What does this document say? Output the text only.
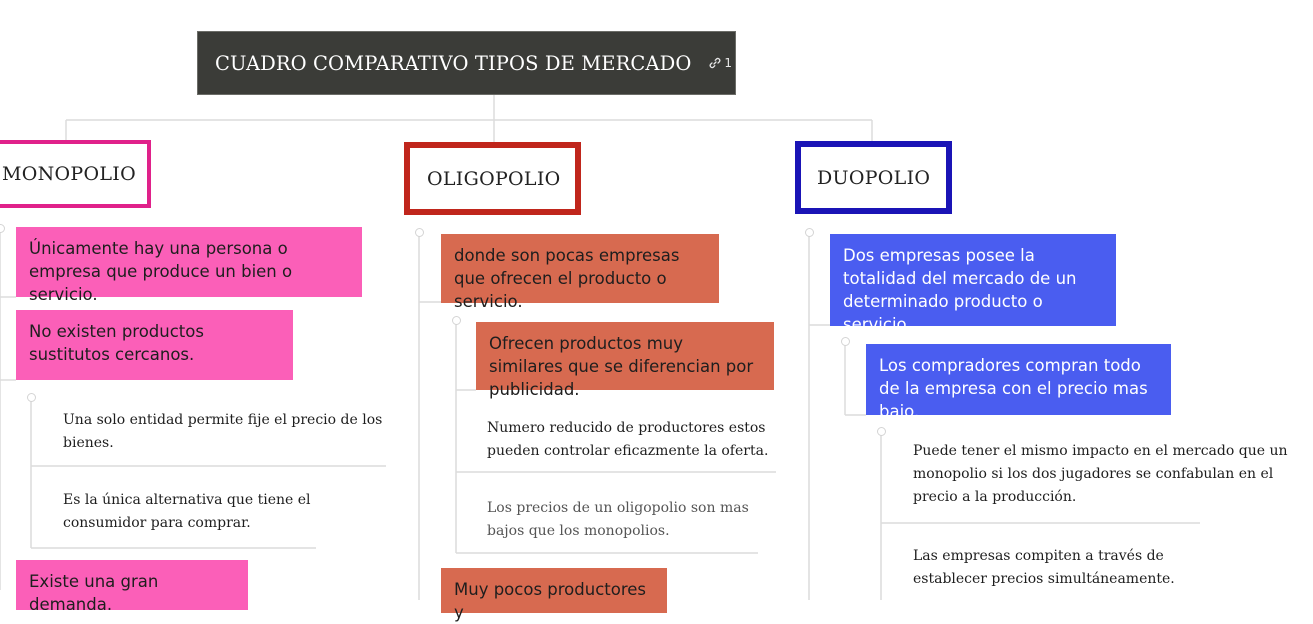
CUADRO COMPARATIVO TIPOS DE MERCADO	1
MONOPOLIO
Únicamente hay una persona o empresa que produce un bien o servicio.
No existen productos sustitutos cercanos.
Una solo entidad permite fije el precio de los bienes.
Es la única alternativa que tiene el consumidor para comprar.
Existe una gran demanda.
OLIGOPOLIO
donde son pocas empresas que ofrecen el producto o servicio.
Ofrecen productos muy similares que se diferencian por publicidad.
Numero reducido de productores estos pueden controlar eficazmente la oferta.
Los precios de un oligopolio son mas bajos que los monopolios.
Muy pocos productores y
DUOPOLIO
Dos empresas posee la totalidad del mercado de un determinado producto o servicio.
Los compradores compran todo de la empresa con el precio mas bajo.
Puede tener el mismo impacto en el mercado que un monopolio si los dos jugadores se confabulan en el precio a la producción.
Las empresas compiten a través de establecer precios simultáneamente.
